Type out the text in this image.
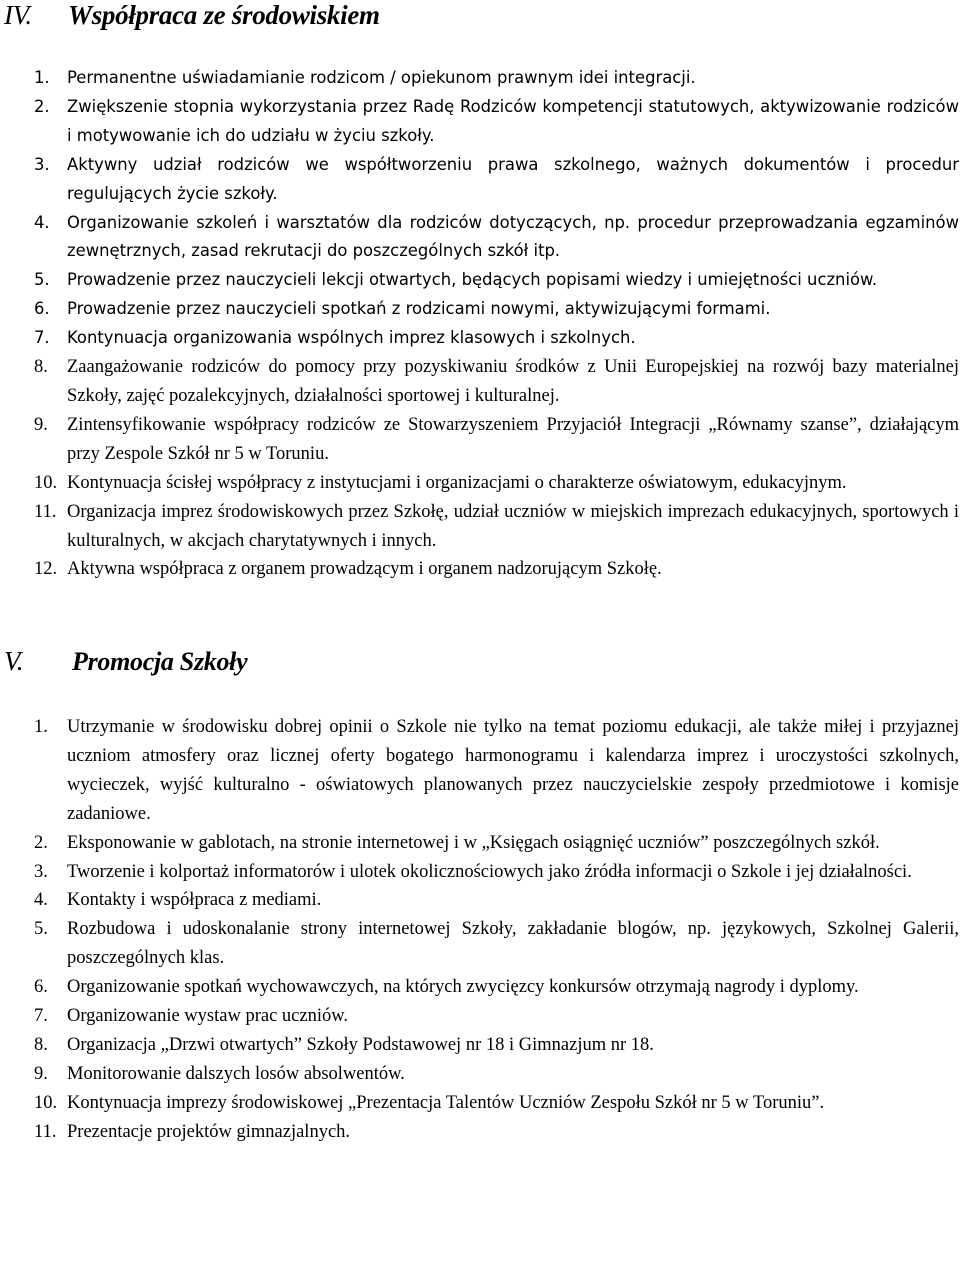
IV.	Współpraca ze środowiskiem
1.	Permanentne uświadamianie rodzicom / opiekunom prawnym idei integracji.
2.	Zwiększenie stopnia wykorzystania przez Radę Rodziców kompetencji statutowych, aktywizowanie rodziców i motywowanie ich do udziału w życiu szkoły.
3.	Aktywny udział rodziców we współtworzeniu prawa szkolnego, ważnych dokumentów i procedur regulujących życie szkoły.
4.	Organizowanie szkoleń i warsztatów dla rodziców dotyczących, np. procedur przeprowadzania egzaminów zewnętrznych, zasad rekrutacji do poszczególnych szkół itp.
5.	Prowadzenie przez nauczycieli lekcji otwartych, będących popisami wiedzy i umiejętności uczniów.
6.	Prowadzenie przez nauczycieli spotkań z rodzicami nowymi, aktywizującymi formami.
7.	Kontynuacja organizowania wspólnych imprez klasowych i szkolnych.
8.	Zaangażowanie rodziców do pomocy przy pozyskiwaniu środków z Unii Europejskiej na rozwój bazy materialnej Szkoły, zajęć pozalekcyjnych, działalności sportowej i kulturalnej.
9.	Zintensyfikowanie współpracy rodziców ze Stowarzyszeniem Przyjaciół Integracji „Równamy szanse”, działającym przy Zespole Szkół nr 5 w Toruniu.
10. Kontynuacja ścisłej współpracy z instytucjami i organizacjami o charakterze oświatowym, edukacyjnym.
11. Organizacja imprez środowiskowych przez Szkołę, udział uczniów w miejskich imprezach edukacyjnych, sportowych i kulturalnych, w akcjach charytatywnych i innych.
12. Aktywna współpraca z organem prowadzącym i organem nadzorującym Szkołę.
V.	Promocja Szkoły
1.	Utrzymanie w środowisku dobrej opinii o Szkole nie tylko na temat poziomu edukacji, ale także miłej i przyjaznej uczniom atmosfery oraz licznej oferty bogatego harmonogramu i kalendarza imprez i uroczystości szkolnych, wycieczek, wyjść kulturalno - oświatowych planowanych przez nauczycielskie zespoły przedmiotowe i komisje zadaniowe.
2.	Eksponowanie w gablotach, na stronie internetowej i w „Księgach osiągnięć uczniów” poszczególnych szkół.
3.	Tworzenie i kolportaż informatorów i ulotek okolicznościowych jako źródła informacji o Szkole i jej działalności.
4.	Kontakty i współpraca z mediami.
5.	Rozbudowa i udoskonalanie strony internetowej Szkoły, zakładanie blogów, np. językowych, Szkolnej Galerii, poszczególnych klas.
6.	Organizowanie spotkań wychowawczych, na których zwycięzcy konkursów otrzymają nagrody i dyplomy.
7.	Organizowanie wystaw prac uczniów.
8.	Organizacja „Drzwi otwartych” Szkoły Podstawowej nr 18 i Gimnazjum nr 18.
9.	Monitorowanie dalszych losów absolwentów.
10. Kontynuacja imprezy środowiskowej „Prezentacja Talentów Uczniów Zespołu Szkół nr 5 w Toruniu”.
11. Prezentacje projektów gimnazjalnych.
